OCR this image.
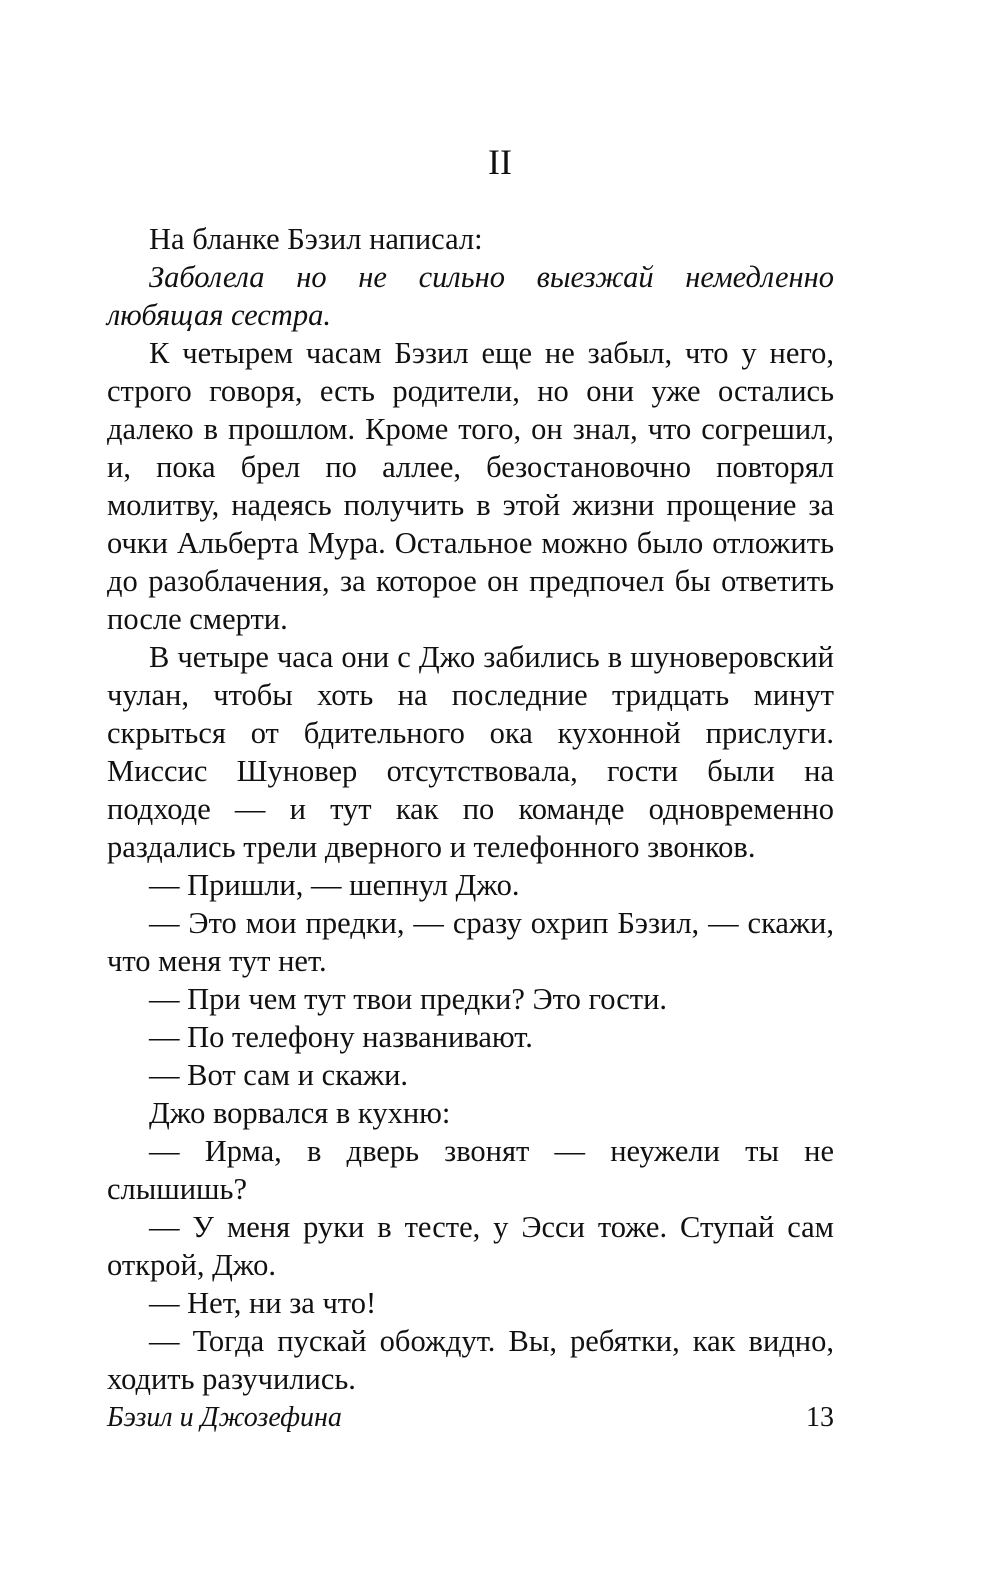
II

На бланке Бэзил написал:

Заболела но не сильно выезжай немедленно любящая сестра.

К четырем часам Бэзил еще не забыл, что у него, строго говоря, есть родители, но они уже остались далеко в прошлом. Кроме того, он знал, что согрешил, и, пока брел по аллее, безостановочно повторял молитву, надеясь получить в этой жизни прощение за очки Альберта Мура. Остальное можно было отложить до разоблачения, за которое он предпочел бы ответить после смерти.

В четыре часа они с Джо забились в шуноверовский чулан, чтобы хоть на последние тридцать минут скрыться от бдительного ока кухонной прислуги. Миссис Шуновер отсутствовала, гости были на подходе — и тут как по команде одновременно раздались трели дверного и телефонного звонков.

— Пришли, — шепнул Джо.

— Это мои предки, — сразу охрип Бэзил, — скажи, что меня тут нет.

— При чем тут твои предки? Это гости.

— По телефону названивают.

— Вот сам и скажи.

Джо ворвался в кухню:

— Ирма, в дверь звонят — неужели ты не слышишь?

— У меня руки в тесте, у Эсси тоже. Ступай сам открой, Джо.

— Нет, ни за что!

— Тогда пускай обождут. Вы, ребятки, как видно, ходить разучились.

Бэзил и Джозефина	13
